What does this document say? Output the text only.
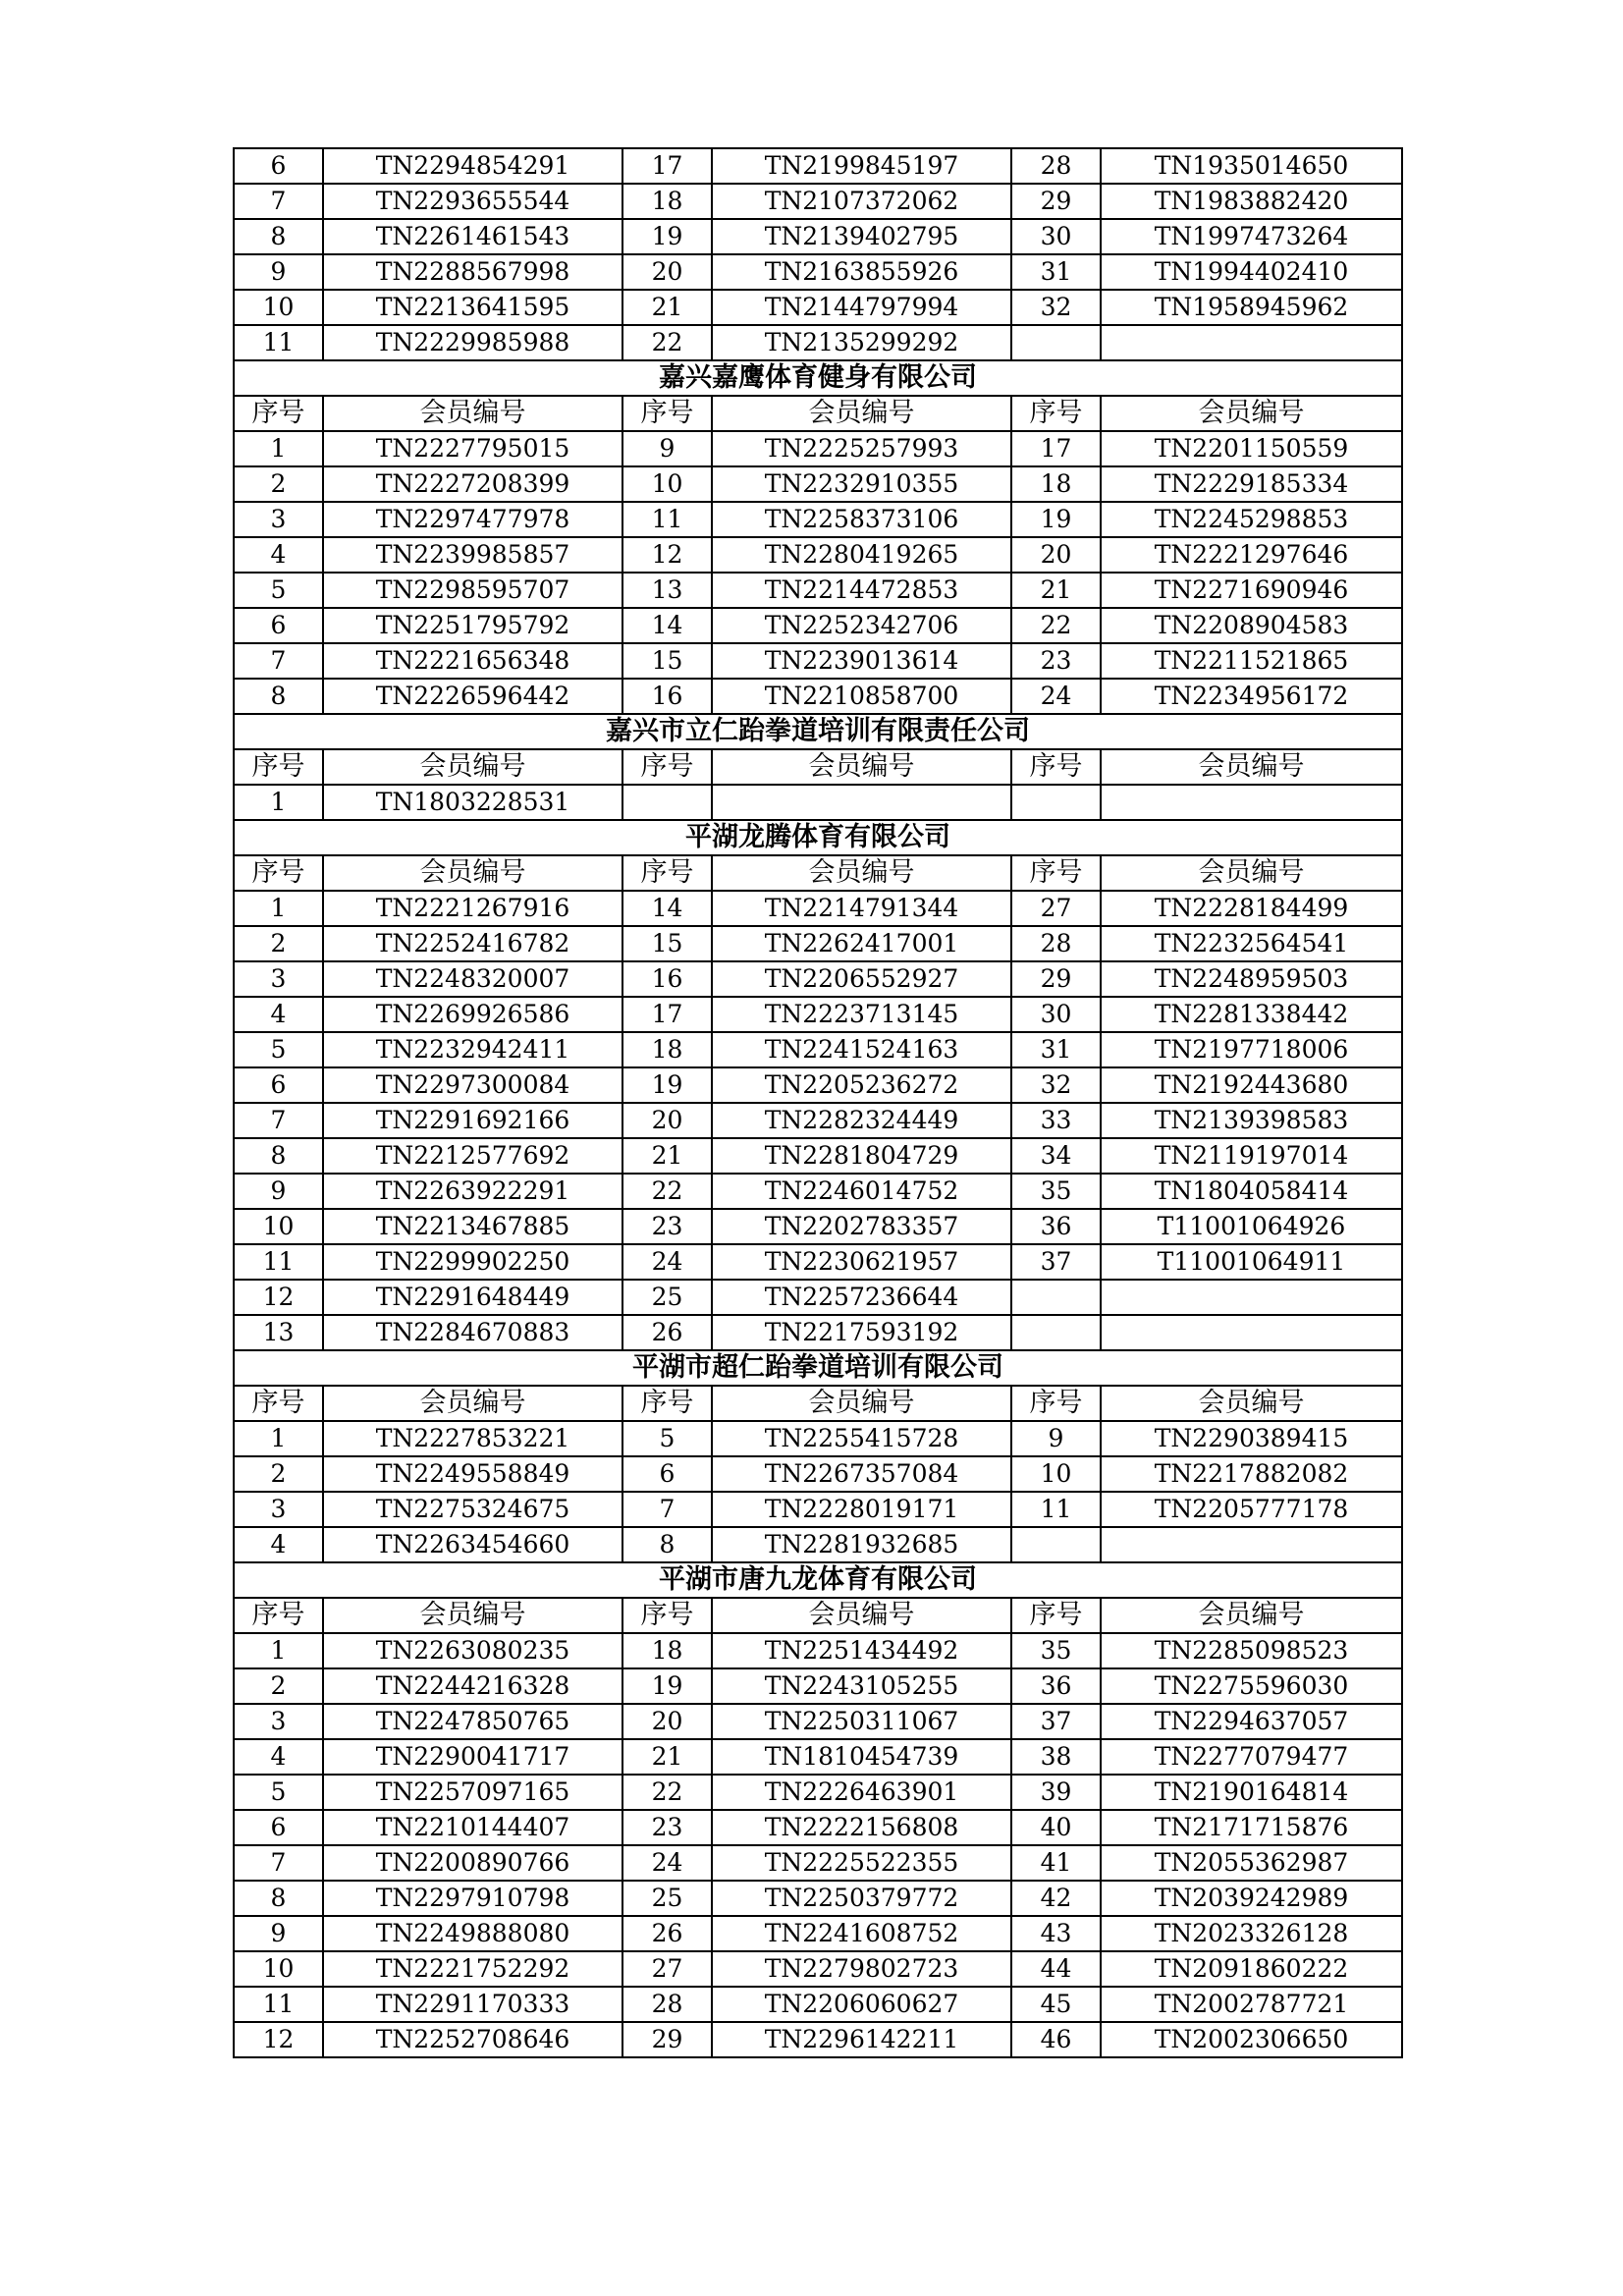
6	TN2294854291	17	TN2199845197	28	TN1935014650
7	TN2293655544	18	TN2107372062	29	TN1983882420
8	TN2261461543	19	TN2139402795	30	TN1997473264
9	TN2288567998	20	TN2163855926	31	TN1994402410
10	TN2213641595	21	TN2144797994	32	TN1958945962
11	TN2229985988	22	TN2135299292		
嘉兴嘉鹰体育健身有限公司					
序号	会员编号	序号	会员编号	序号	会员编号
1	TN2227795015	9	TN2225257993	17	TN2201150559
2	TN2227208399	10	TN2232910355	18	TN2229185334
3	TN2297477978	11	TN2258373106	19	TN2245298853
4	TN2239985857	12	TN2280419265	20	TN2221297646
5	TN2298595707	13	TN2214472853	21	TN2271690946
6	TN2251795792	14	TN2252342706	22	TN2208904583
7	TN2221656348	15	TN2239013614	23	TN2211521865
8	TN2226596442	16	TN2210858700	24	TN2234956172
嘉兴市立仁跆拳道培训有限责任公司					
序号	会员编号	序号	会员编号	序号	会员编号
1	TN1803228531				
平湖龙腾体育有限公司					
序号	会员编号	序号	会员编号	序号	会员编号
1	TN2221267916	14	TN2214791344	27	TN2228184499
2	TN2252416782	15	TN2262417001	28	TN2232564541
3	TN2248320007	16	TN2206552927	29	TN2248959503
4	TN2269926586	17	TN2223713145	30	TN2281338442
5	TN2232942411	18	TN2241524163	31	TN2197718006
6	TN2297300084	19	TN2205236272	32	TN2192443680
7	TN2291692166	20	TN2282324449	33	TN2139398583
8	TN2212577692	21	TN2281804729	34	TN2119197014
9	TN2263922291	22	TN2246014752	35	TN1804058414
10	TN2213467885	23	TN2202783357	36	T11001064926
11	TN2299902250	24	TN2230621957	37	T11001064911
12	TN2291648449	25	TN2257236644		
13	TN2284670883	26	TN2217593192		
平湖市超仁跆拳道培训有限公司					
序号	会员编号	序号	会员编号	序号	会员编号
1	TN2227853221	5	TN2255415728	9	TN2290389415
2	TN2249558849	6	TN2267357084	10	TN2217882082
3	TN2275324675	7	TN2228019171	11	TN2205777178
4	TN2263454660	8	TN2281932685		
平湖市唐九龙体育有限公司					
序号	会员编号	序号	会员编号	序号	会员编号
1	TN2263080235	18	TN2251434492	35	TN2285098523
2	TN2244216328	19	TN2243105255	36	TN2275596030
3	TN2247850765	20	TN2250311067	37	TN2294637057
4	TN2290041717	21	TN1810454739	38	TN2277079477
5	TN2257097165	22	TN2226463901	39	TN2190164814
6	TN2210144407	23	TN2222156808	40	TN2171715876
7	TN2200890766	24	TN2225522355	41	TN2055362987
8	TN2297910798	25	TN2250379772	42	TN2039242989
9	TN2249888080	26	TN2241608752	43	TN2023326128
10	TN2221752292	27	TN2279802723	44	TN2091860222
11	TN2291170333	28	TN2206060627	45	TN2002787721
12	TN2252708646	29	TN2296142211	46	TN2002306650
